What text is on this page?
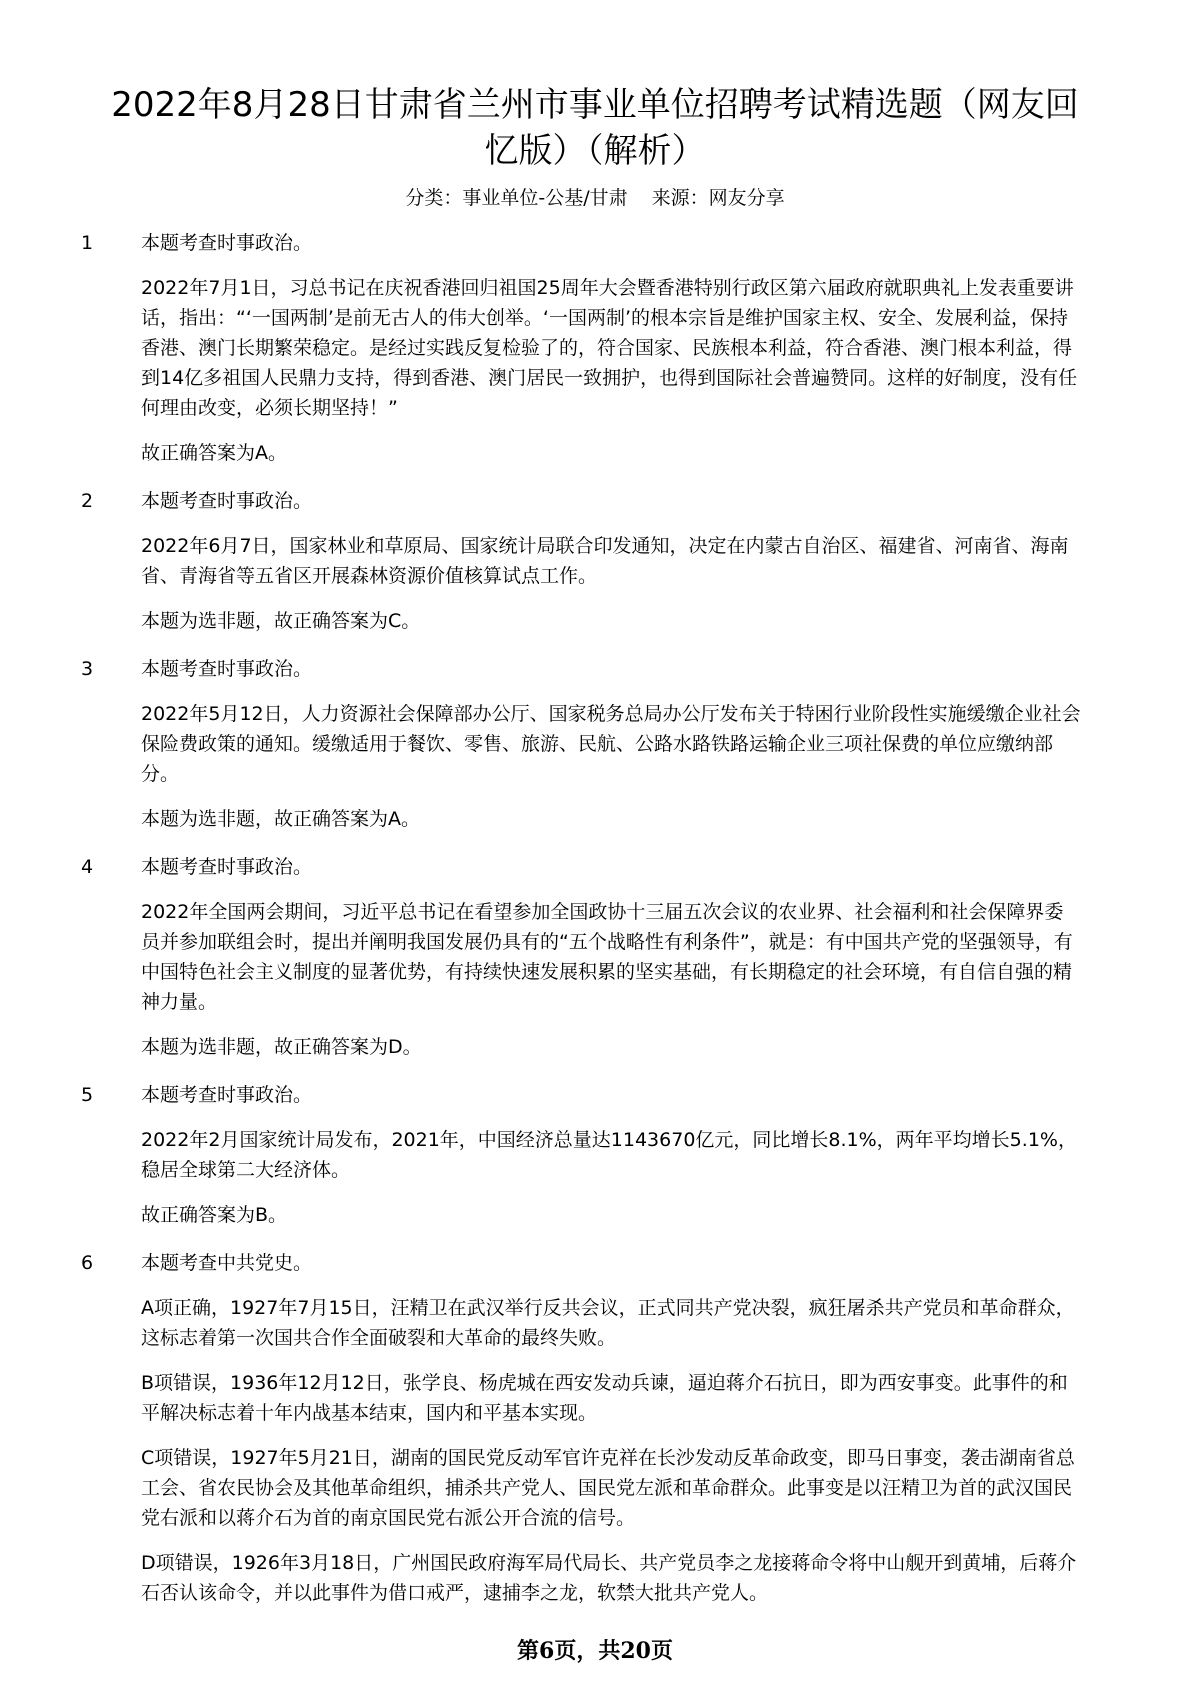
2022年8月28日甘肃省兰州市事业单位招聘考试精选题（网友回
忆版）（解析）
分类：事业单位-公基/甘肃 来源：网友分享
1	本题考查时事政治。

2022年7月1日，习总书记在庆祝香港回归祖国25周年大会暨香港特别行政区第六届政府就职典礼上发表重要讲话，指出：“‘一国两制’是前无古人的伟大创举。‘一国两制’的根本宗旨是维护国家主权、安全、发展利益，保持香港、澳门长期繁荣稳定。是经过实践反复检验了的，符合国家、民族根本利益，符合香港、澳门根本利益，得到14亿多祖国人民鼎力支持，得到香港、澳门居民一致拥护，也得到国际社会普遍赞同。这样的好制度，没有任何理由改变，必须长期坚持！”

故正确答案为A。

2	本题考查时事政治。

2022年6月7日，国家林业和草原局、国家统计局联合印发通知，决定在内蒙古自治区、福建省、河南省、海南省、青海省等五省区开展森林资源价值核算试点工作。

本题为选非题，故正确答案为C。

3	本题考查时事政治。

2022年5月12日，人力资源社会保障部办公厅、国家税务总局办公厅发布关于特困行业阶段性实施缓缴企业社会保险费政策的通知。缓缴适用于餐饮、零售、旅游、民航、公路水路铁路运输企业三项社保费的单位应缴纳部分。

本题为选非题，故正确答案为A。

4	本题考查时事政治。

2022年全国两会期间，习近平总书记在看望参加全国政协十三届五次会议的农业界、社会福利和社会保障界委员并参加联组会时，提出并阐明我国发展仍具有的“五个战略性有利条件”，就是：有中国共产党的坚强领导，有中国特色社会主义制度的显著优势，有持续快速发展积累的坚实基础，有长期稳定的社会环境，有自信自强的精神力量。

本题为选非题，故正确答案为D。

5	本题考查时事政治。

2022年2月国家统计局发布，2021年，中国经济总量达1143670亿元，同比增长8.1%，两年平均增长5.1%，稳居全球第二大经济体。

故正确答案为B。

6	本题考查中共党史。

A项正确，1927年7月15日，汪精卫在武汉举行反共会议，正式同共产党决裂，疯狂屠杀共产党员和革命群众，这标志着第一次国共合作全面破裂和大革命的最终失败。

B项错误，1936年12月12日，张学良、杨虎城在西安发动兵谏，逼迫蒋介石抗日，即为西安事变。此事件的和平解决标志着十年内战基本结束，国内和平基本实现。

C项错误，1927年5月21日，湖南的国民党反动军官许克祥在长沙发动反革命政变，即马日事变，袭击湖南省总工会、省农民协会及其他革命组织，捕杀共产党人、国民党左派和革命群众。此事变是以汪精卫为首的武汉国民党右派和以蒋介石为首的南京国民党右派公开合流的信号。

D项错误，1926年3月18日，广州国民政府海军局代局长、共产党员李之龙接蒋命令将中山舰开到黄埔，后蒋介石否认该命令，并以此事件为借口戒严，逮捕李之龙，软禁大批共产党人。

第6页，共20页
